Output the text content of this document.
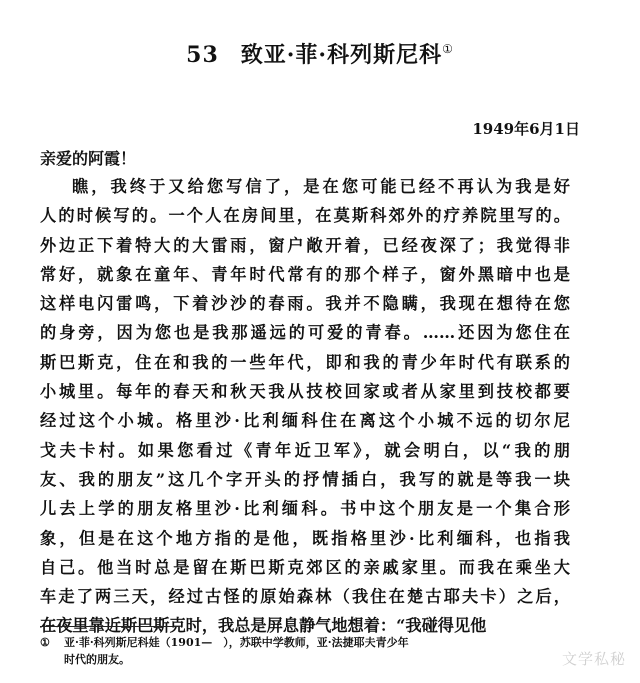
53 致亚·菲·科列斯尼科①
1949年6月1日
亲爱的阿霞！
瞧，我终于又给您写信了，是在您可能已经不再认为我是好
人的时候写的。一个人在房间里，在莫斯科郊外的疗养院里写的。
外边正下着特大的大雷雨，窗户敞开着，已经夜深了；我觉得非
常好，就象在童年、青年时代常有的那个样子，窗外黑暗中也是
这样电闪雷鸣，下着沙沙的春雨。我并不隐瞒，我现在想待在您
的身旁，因为您也是我那遥远的可爱的青春。……还因为您住在
斯巴斯克，住在和我的一些年代，即和我的青少年时代有联系的
小城里。每年的春天和秋天我从技校回家或者从家里到技校都要
经过这个小城。格里沙·比利缅科住在离这个小城不远的切尔尼
戈夫卡村。如果您看过《青年近卫军》，就会明白，以“我的朋
友、我的朋友”这几个字开头的抒情插白，我写的就是等我一块
儿去上学的朋友格里沙·比利缅科。书中这个朋友是一个集合形
象，但是在这个地方指的是他，既指格里沙·比利缅科，也指我
自己。他当时总是留在斯巴斯克郊区的亲戚家里。而我在乘坐大
车走了两三天，经过古怪的原始森林（我住在楚古耶夫卡）之后，
在夜里靠近斯巴斯克时，我总是屏息静气地想着：“我碰得见他
① 亚·菲·科列斯尼科娃（1901—　），苏联中学教师，亚·法捷耶夫青少年
时代的朋友。	文学私秘
